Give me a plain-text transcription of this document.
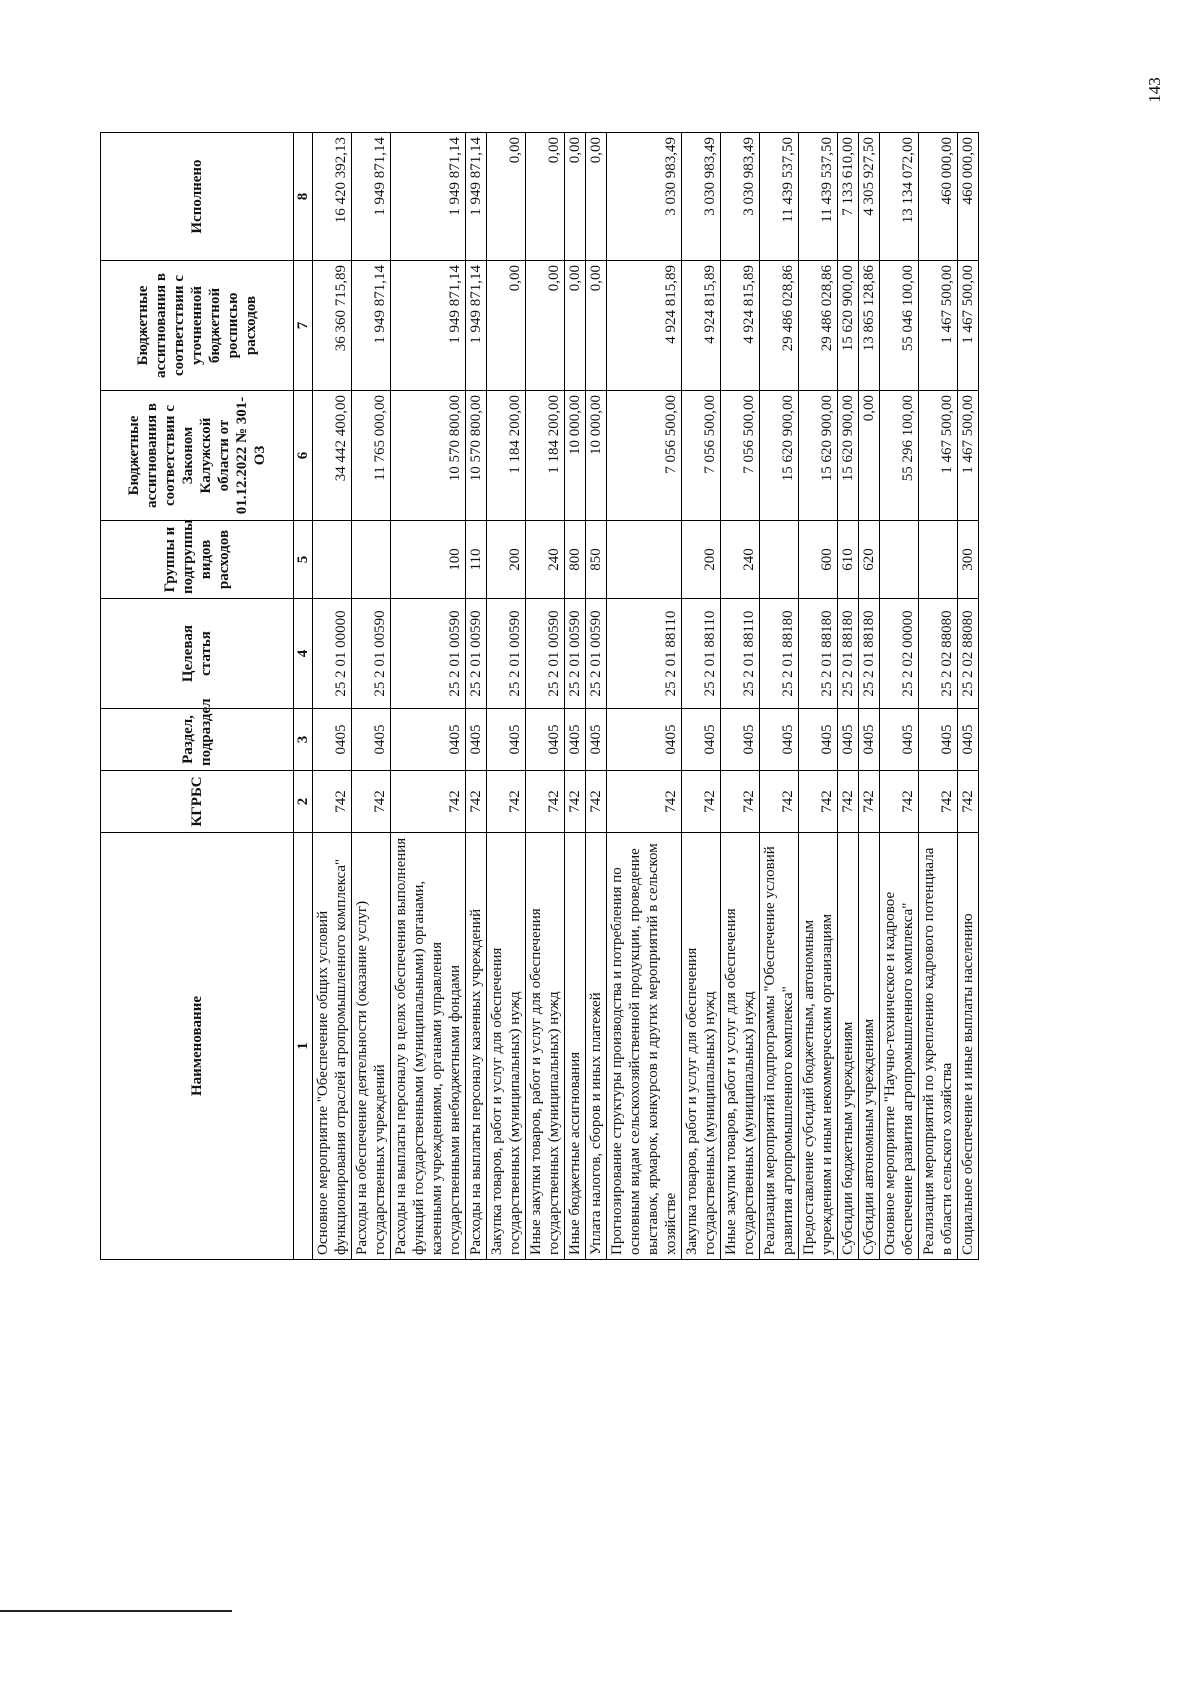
Наименование	КГРБС	Раздел, подраздел	Целевая статья	Группы и подгруппы видов расходов	Бюджетные ассигнования в соответствии с Законом Калужской области от 01.12.2022 № 301-ОЗ	Бюджетные ассигнования в соответствии с уточненной бюджетной росписью расходов	Исполнено
1	2	3	4	5	6	7	8
Основное мероприятие "Обеспечение общих условий функционирования отраслей агропромышленного комплекса"	742	0405	25 2 01 00000		34 442 400,00	36 360 715,89	16 420 392,13
Расходы на обеспечение деятельности (оказание услуг) государственных учреждений	742	0405	25 2 01 00590		11 765 000,00	1 949 871,14	1 949 871,14
Расходы на выплаты персоналу в целях обеспечения выполнения функций государственными (муниципальными) органами, казенными учреждениями, органами управления государственными внебюджетными фондами	742	0405	25 2 01 00590	100	10 570 800,00	1 949 871,14	1 949 871,14
Расходы на выплаты персоналу казенных учреждений	742	0405	25 2 01 00590	110	10 570 800,00	1 949 871,14	1 949 871,14
Закупка товаров, работ и услуг для обеспечения государственных (муниципальных) нужд	742	0405	25 2 01 00590	200	1 184 200,00	0,00	0,00
Иные закупки товаров, работ и услуг для обеспечения государственных (муниципальных) нужд	742	0405	25 2 01 00590	240	1 184 200,00	0,00	0,00
Иные бюджетные ассигнования	742	0405	25 2 01 00590	800	10 000,00	0,00	0,00
Уплата налогов, сборов и иных платежей	742	0405	25 2 01 00590	850	10 000,00	0,00	0,00
Прогнозирование структуры производства и потребления по основным видам сельскохозяйственной продукции, проведение выставок, ярмарок, конкурсов и других мероприятий в сельском хозяйстве	742	0405	25 2 01 88110		7 056 500,00	4 924 815,89	3 030 983,49
Закупка товаров, работ и услуг для обеспечения государственных (муниципальных) нужд	742	0405	25 2 01 88110	200	7 056 500,00	4 924 815,89	3 030 983,49
Иные закупки товаров, работ и услуг для обеспечения государственных (муниципальных) нужд	742	0405	25 2 01 88110	240	7 056 500,00	4 924 815,89	3 030 983,49
Реализация мероприятий подпрограммы "Обеспечение условий развития агропромышленного комплекса"	742	0405	25 2 01 88180		15 620 900,00	29 486 028,86	11 439 537,50
Предоставление субсидий бюджетным, автономным учреждениям и иным некоммерческим организациям	742	0405	25 2 01 88180	600	15 620 900,00	29 486 028,86	11 439 537,50
Субсидии бюджетным учреждениям	742	0405	25 2 01 88180	610	15 620 900,00	15 620 900,00	7 133 610,00
Субсидии автономным учреждениям	742	0405	25 2 01 88180	620	0,00	13 865 128,86	4 305 927,50
Основное мероприятие "Научно-техническое и кадровое обеспечение развития агропромышленного комплекса"	742	0405	25 2 02 00000		55 296 100,00	55 046 100,00	13 134 072,00
Реализация мероприятий по укреплению кадрового потенциала в области сельского хозяйства	742	0405	25 2 02 88080		1 467 500,00	1 467 500,00	460 000,00
Социальное обеспечение и иные выплаты населению	742	0405	25 2 02 88080	300	1 467 500,00	1 467 500,00	460 000,00
143
